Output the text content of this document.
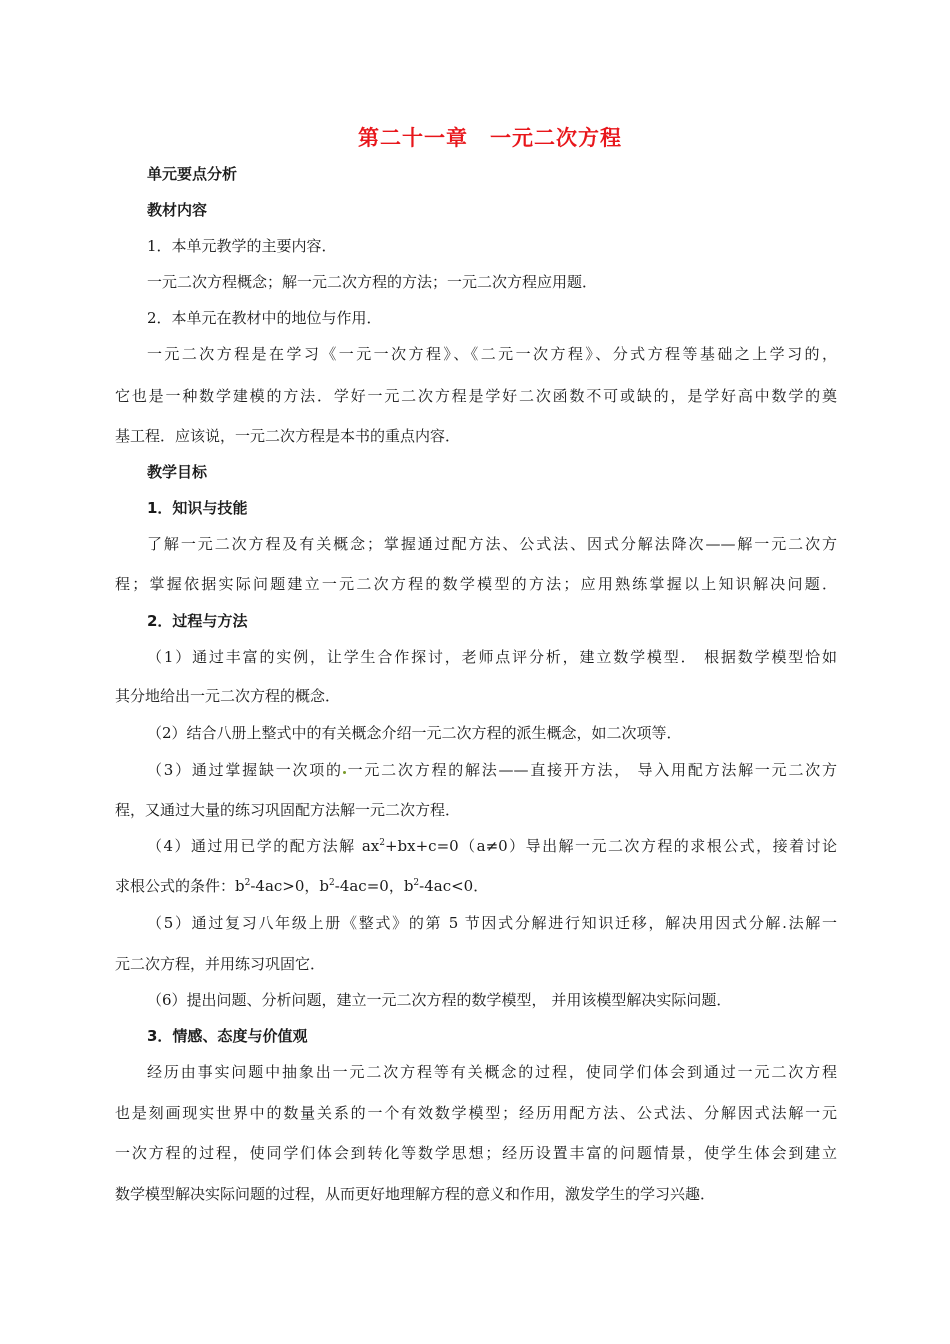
第二十一章　一元二次方程
单元要点分析
教材内容
1．本单元教学的主要内容．
一元二次方程概念；解一元二次方程的方法；一元二次方程应用题．
2．本单元在教材中的地位与作用．
一元二次方程是在学习《一元一次方程》、《二元一次方程》、分式方程等基础之上学习的，
它也是一种数学建模的方法．学好一元二次方程是学好二次函数不可或缺的，是学好高中数学的奠
基工程．应该说，一元二次方程是本书的重点内容．
教学目标
1．知识与技能
了解一元二次方程及有关概念；掌握通过配方法、公式法、因式分解法降次——解一元二次方
程；掌握依据实际问题建立一元二次方程的数学模型的方法；应用熟练掌握以上知识解决问题．
2．过程与方法
（1）通过丰富的实例，让学生合作探讨，老师点评分析，建立数学模型． 根据数学模型恰如
其分地给出一元二次方程的概念．
（2）结合八册上整式中的有关概念介绍一元二次方程的派生概念，如二次项等．
（3）通过掌握缺一次项的 一元二次方程的解法——直接开方法， 导入用配方法解一元二次方
程，又通过大量的练习巩固配方法解一元二次方程．
（4）通过用已学的配方法解 $ax^2+bx+c=0(a\ne 0)$导出解一元二次方程的求根公式，接着讨论
求根公式的条件：$b^2-4ac>0$，$b^2-4ac=0$，$b^2-4ac<0$．
（5）通过复习八年级上册《整式》的第 5 节因式分解进行知识迁移，解决用因式分解.法解一
元二次方程，并用练习巩固它．
（6）提出问题、分析问题，建立一元二次方程的数学模型， 并用该模型解决实际问题．
3．情感、态度与价值观
经历由事实问题中抽象出一元二次方程等有关概念的过程，使同学们体会到通过一元二次方程
也是刻画现实世界中的数量关系的一个有效数学模型；经历用配方法、公式法、分解因式法解一元
一次方程的过程，使同学们体会到转化等数学思想；经历设置丰富的问题情景，使学生体会到建立
数学模型解决实际问题的过程，从而更好地理解方程的意义和作用，激发学生的学习兴趣．
